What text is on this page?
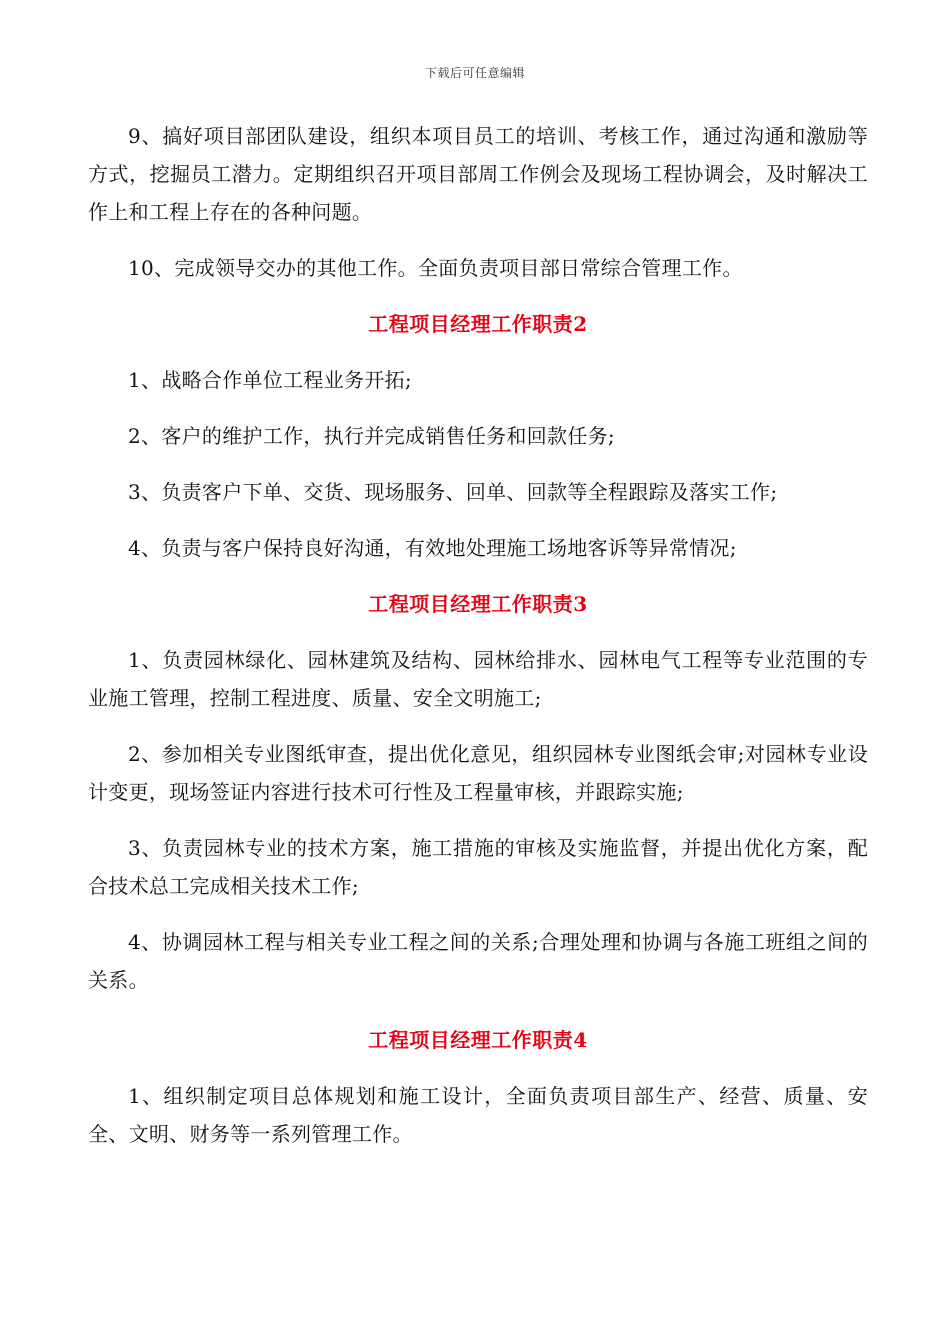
下载后可任意编辑

9、搞好项目部团队建设，组织本项目员工的培训、考核工作，通过沟通和激励等方式，挖掘员工潜力。定期组织召开项目部周工作例会及现场工程协调会，及时解决工作上和工程上存在的各种问题。

10、完成领导交办的其他工作。全面负责项目部日常综合管理工作。

工程项目经理工作职责2

1、战略合作单位工程业务开拓;

2、客户的维护工作，执行并完成销售任务和回款任务;

3、负责客户下单、交货、现场服务、回单、回款等全程跟踪及落实工作;

4、负责与客户保持良好沟通，有效地处理施工场地客诉等异常情况;

工程项目经理工作职责3

1、负责园林绿化、园林建筑及结构、园林给排水、园林电气工程等专业范围的专业施工管理，控制工程进度、质量、安全文明施工;

2、参加相关专业图纸审查，提出优化意见，组织园林专业图纸会审;对园林专业设计变更，现场签证内容进行技术可行性及工程量审核，并跟踪实施;

3、负责园林专业的技术方案，施工措施的审核及实施监督，并提出优化方案，配合技术总工完成相关技术工作;

4、协调园林工程与相关专业工程之间的关系;合理处理和协调与各施工班组之间的关系。

工程项目经理工作职责4

1、组织制定项目总体规划和施工设计，全面负责项目部生产、经营、质量、安全、文明、财务等一系列管理工作。
